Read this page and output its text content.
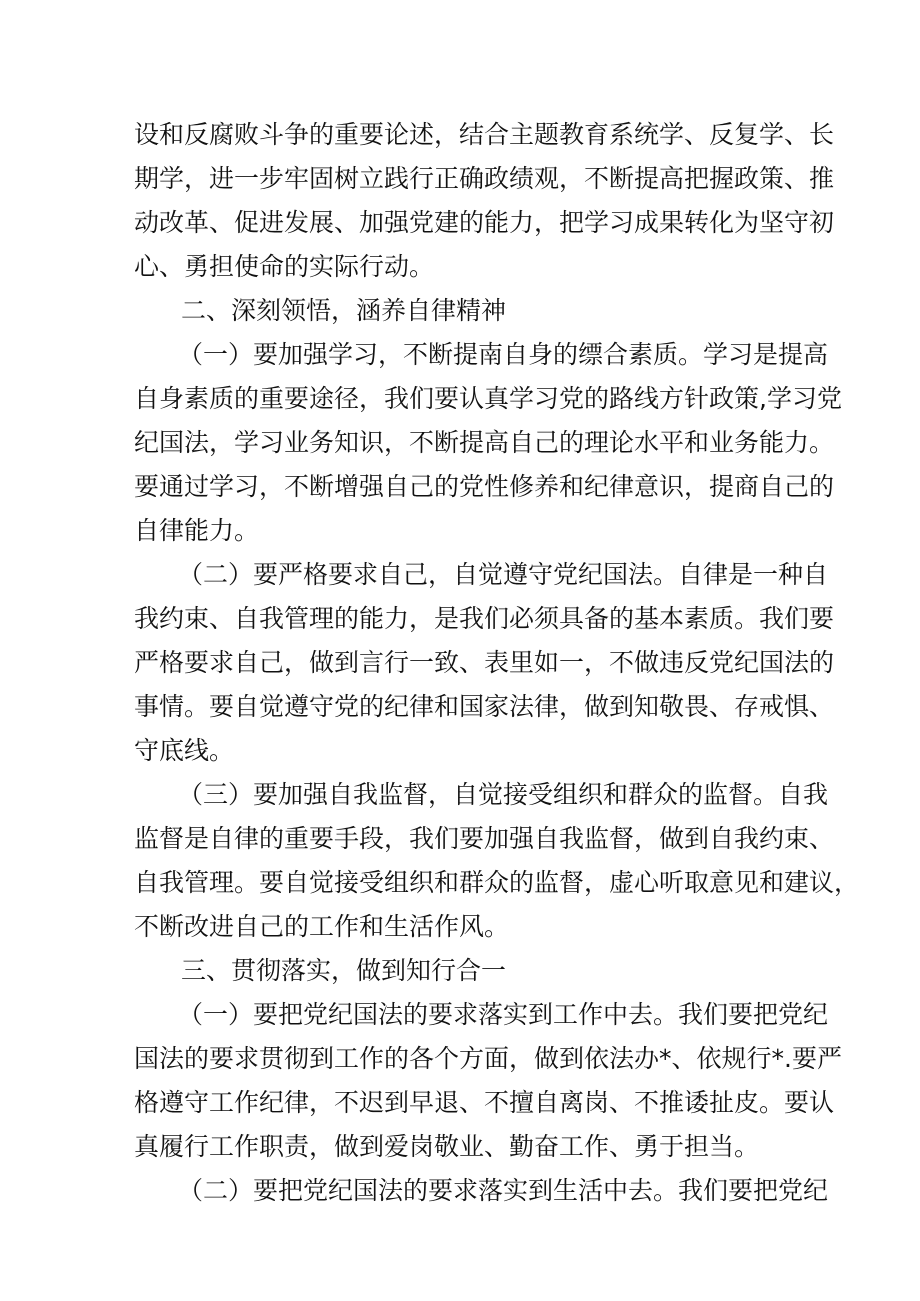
设和反腐败斗争的重要论述，结合主题教育系统学、反复学、长
期学，进一步牢固树立践行正确政绩观，不断提高把握政策、推
动改革、促进发展、加强党建的能力，把学习成果转化为坚守初
心、勇担使命的实际行动。
二、深刻领悟，涵养自律精神
（一）要加强学习，不断提南自身的缥合素质。学习是提高
自身素质的重要途径，我们要认真学习党的路线方针政策,学习党
纪国法，学习业务知识，不断提高自己的理论水平和业务能力。
要通过学习，不断增强自己的党性修养和纪律意识，提商自己的
自律能力。
（二）要严格要求自己，自觉遵守党纪国法。自律是一种自
我约束、自我管理的能力，是我们必须具备的基本素质。我们要
严格要求自己，做到言行一致、表里如一，不做违反党纪国法的
事情。要自觉遵守党的纪律和国家法律，做到知敬畏、存戒惧、
守底线。
（三）要加强自我监督，自觉接受组织和群众的监督。自我
监督是自律的重要手段，我们要加强自我监督，做到自我约束、
自我管理。要自觉接受组织和群众的监督，虚心听取意见和建议，
不断改进自己的工作和生活作风。
三、贯彻落实，做到知行合一
（一）要把党纪国法的要求落实到工作中去。我们要把党纪
国法的要求贯彻到工作的各个方面，做到依法办*、依规行*.要严
格遵守工作纪律，不迟到早退、不擅自离岗、不推诿扯皮。要认
真履行工作职责，做到爱岗敬业、勤奋工作、勇于担当。
（二）要把党纪国法的要求落实到生活中去。我们要把党纪
